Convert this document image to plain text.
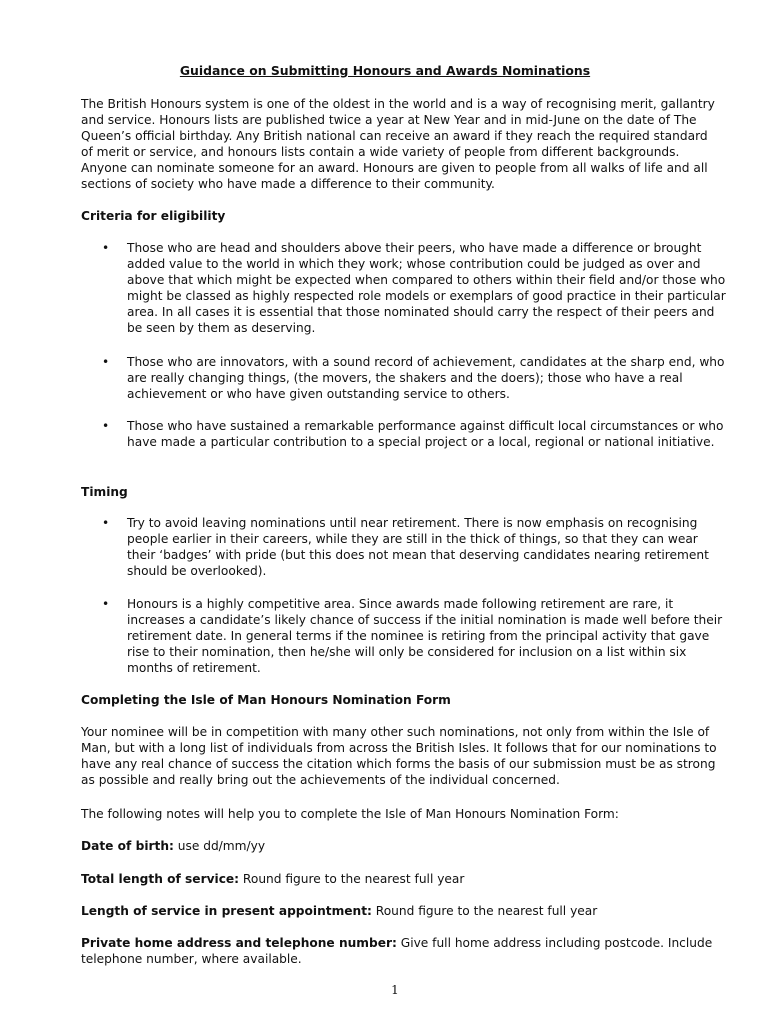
Guidance on Submitting Honours and Awards Nominations
The British Honours system is one of the oldest in the world and is a way of recognising merit, gallantry and service. Honours lists are published twice a year at New Year and in mid-June on the date of The Queen’s official birthday. Any British national can receive an award if they reach the required standard of merit or service, and honours lists contain a wide variety of people from different backgrounds. Anyone can nominate someone for an award. Honours are given to people from all walks of life and all sections of society who have made a difference to their community.
Criteria for eligibility
• Those who are head and shoulders above their peers, who have made a difference or brought added value to the world in which they work; whose contribution could be judged as over and above that which might be expected when compared to others within their field and/or those who might be classed as highly respected role models or exemplars of good practice in their particular area. In all cases it is essential that those nominated should carry the respect of their peers and be seen by them as deserving.
• Those who are innovators, with a sound record of achievement, candidates at the sharp end, who are really changing things, (the movers, the shakers and the doers); those who have a real achievement or who have given outstanding service to others.
• Those who have sustained a remarkable performance against difficult local circumstances or who have made a particular contribution to a special project or a local, regional or national initiative.
Timing
• Try to avoid leaving nominations until near retirement. There is now emphasis on recognising people earlier in their careers, while they are still in the thick of things, so that they can wear their ‘badges’ with pride (but this does not mean that deserving candidates nearing retirement should be overlooked).
• Honours is a highly competitive area. Since awards made following retirement are rare, it increases a candidate’s likely chance of success if the initial nomination is made well before their retirement date. In general terms if the nominee is retiring from the principal activity that gave rise to their nomination, then he/she will only be considered for inclusion on a list within six months of retirement.
Completing the Isle of Man Honours Nomination Form
Your nominee will be in competition with many other such nominations, not only from within the Isle of Man, but with a long list of individuals from across the British Isles. It follows that for our nominations to have any real chance of success the citation which forms the basis of our submission must be as strong as possible and really bring out the achievements of the individual concerned.
The following notes will help you to complete the Isle of Man Honours Nomination Form:
Date of birth: use dd/mm/yy
Total length of service: Round figure to the nearest full year
Length of service in present appointment: Round figure to the nearest full year
Private home address and telephone number: Give full home address including postcode. Include telephone number, where available.
1
